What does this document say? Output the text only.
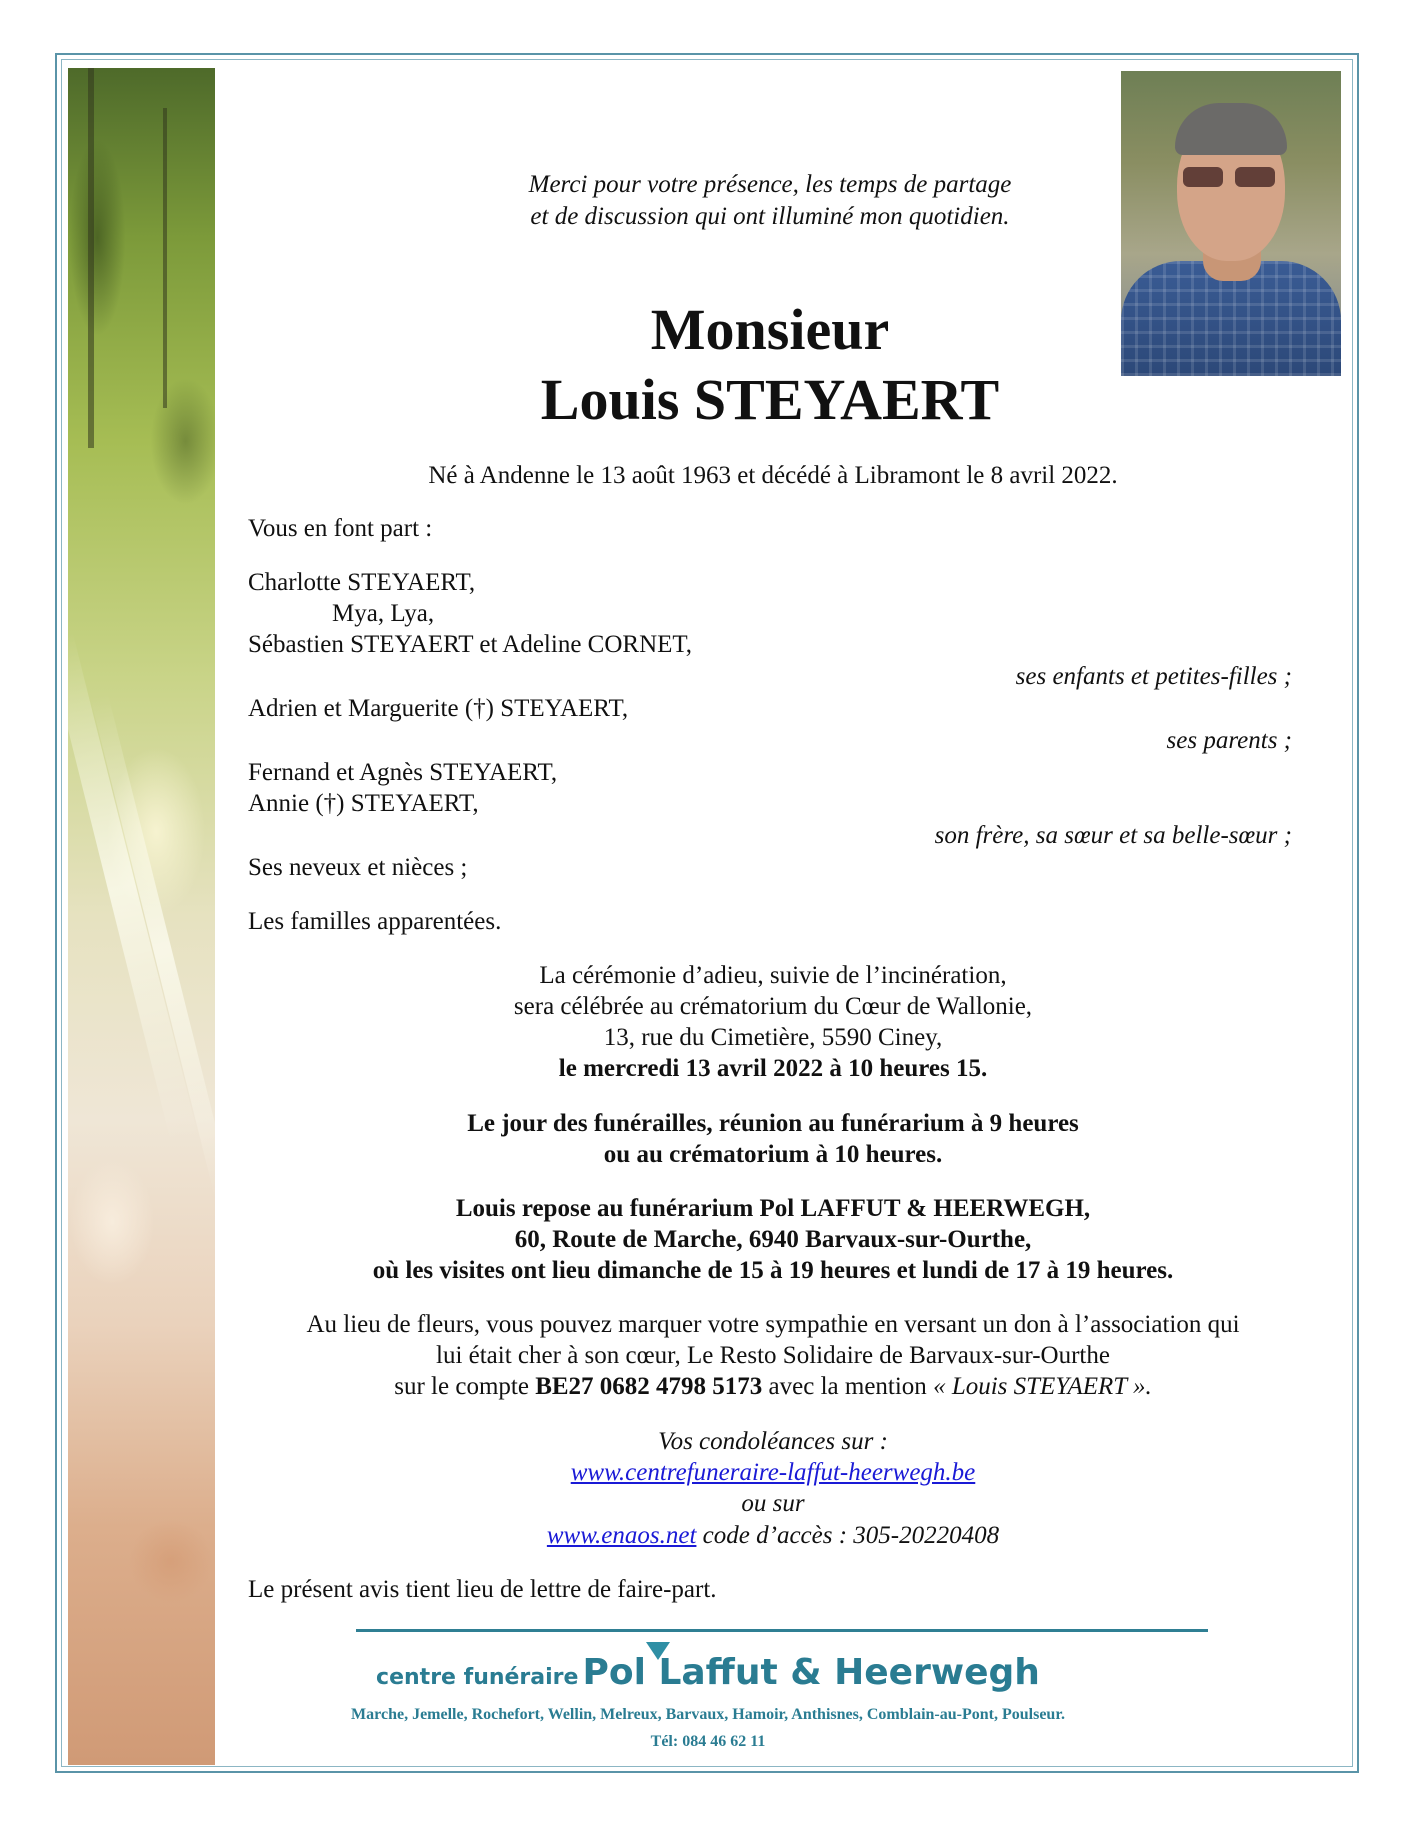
Merci pour votre présence, les temps de partage
et de discussion qui ont illuminé mon quotidien.
Monsieur
Louis STEYAERT
Né à Andenne le 13 août 1963 et décédé à Libramont le 8 avril 2022.
Vous en font part :
Charlotte STEYAERT,
Mya, Lya,
Sébastien STEYAERT et Adeline CORNET,
ses enfants et petites-filles ;
Adrien et Marguerite (†) STEYAERT,
ses parents ;
Fernand et Agnès STEYAERT,
Annie (†) STEYAERT,
son frère, sa sœur et sa belle-sœur ;
Ses neveux et nièces ;
Les familles apparentées.
La cérémonie d’adieu, suivie de l’incinération,
sera célébrée au crématorium du Cœur de Wallonie,
13, rue du Cimetière, 5590 Ciney,
le mercredi 13 avril 2022 à 10 heures 15.
Le jour des funérailles, réunion au funérarium à 9 heures
ou au crématorium à 10 heures.
Louis repose au funérarium Pol LAFFUT & HEERWEGH,
60, Route de Marche, 6940 Barvaux-sur-Ourthe,
où les visites ont lieu dimanche de 15 à 19 heures et lundi de 17 à 19 heures.
Au lieu de fleurs, vous pouvez marquer votre sympathie en versant un don à l’association qui
lui était cher à son cœur, Le Resto Solidaire de Barvaux-sur-Ourthe
sur le compte BE27 0682 4798 5173 avec la mention « Louis STEYAERT ».
Vos condoléances sur :
www.centrefuneraire-laffut-heerwegh.be
ou sur
www.enaos.net code d’accès : 305-20220408
Le présent avis tient lieu de lettre de faire-part.
centre funéraire Pol Laffut & Heerwegh
Marche, Jemelle, Rochefort, Wellin, Melreux, Barvaux, Hamoir, Anthisnes, Comblain-au-Pont, Poulseur.
Tél: 084 46 62 11
